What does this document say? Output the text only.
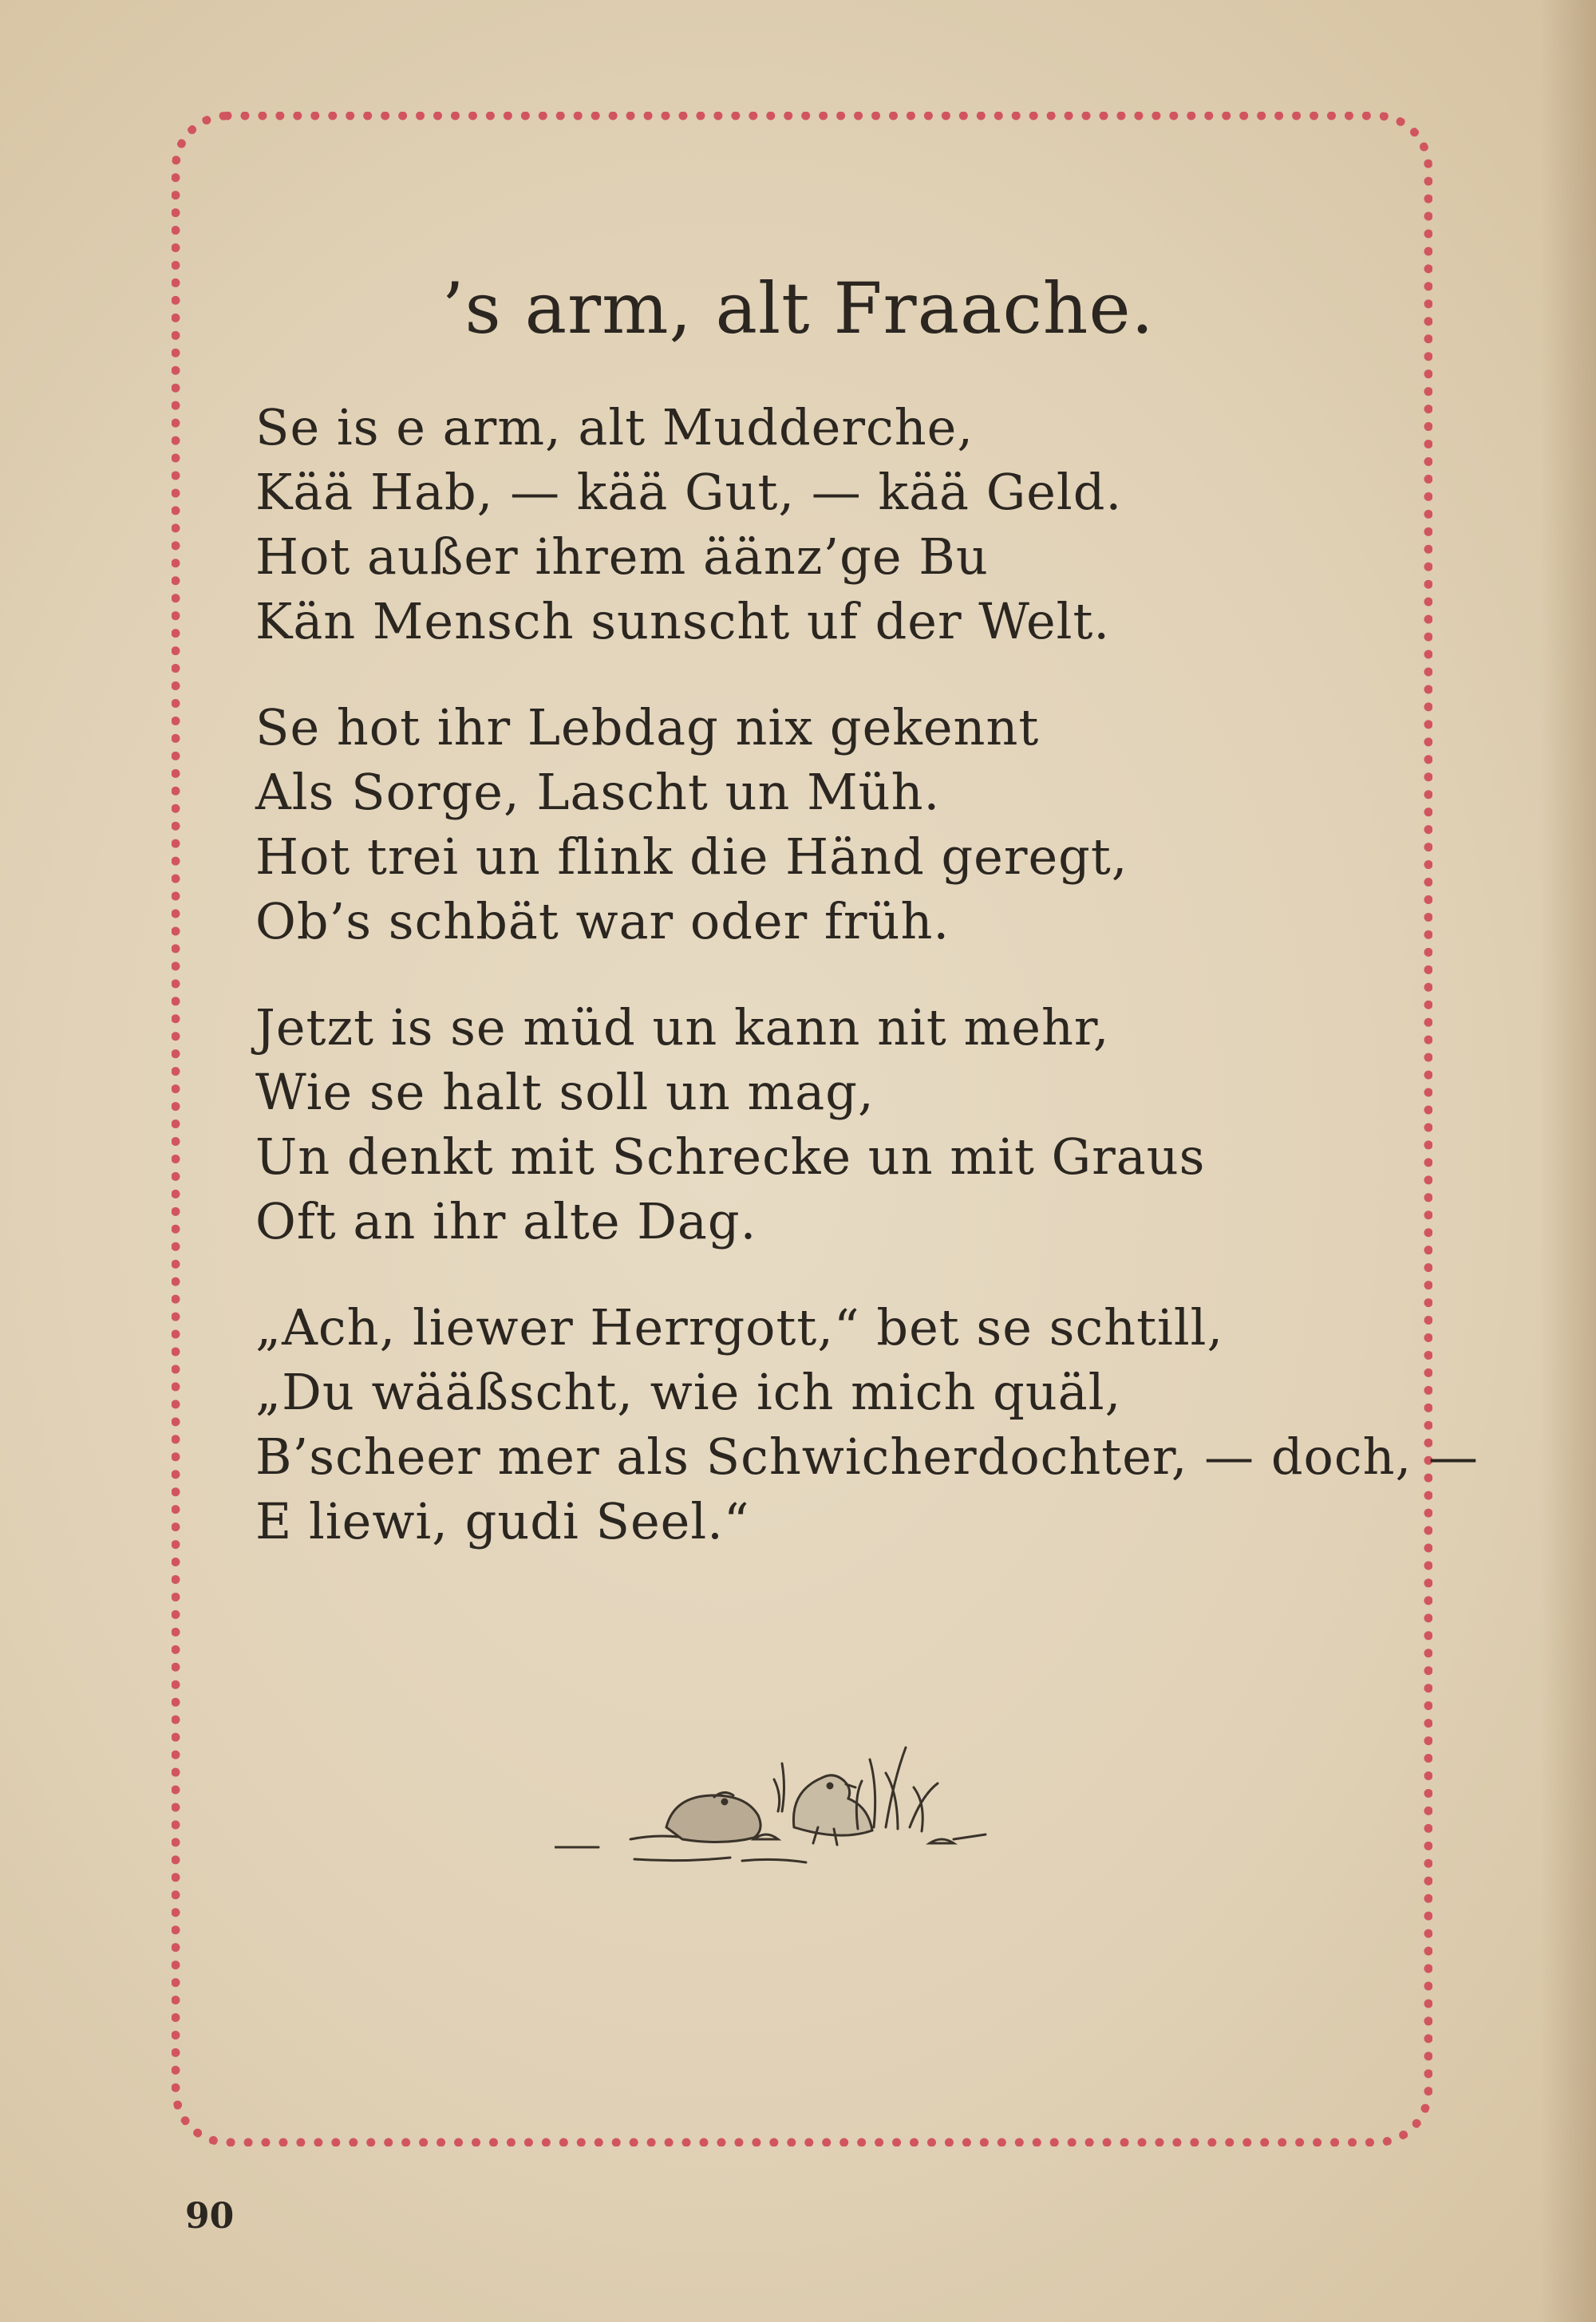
’s arm, alt Fraache.
Se is e arm, alt Mudderche,
Kää Hab, — kää Gut, — kää Geld.
Hot außer ihrem äänz’ge Bu
Kän Mensch sunscht uf der Welt.
Se hot ihr Lebdag nix gekennt
Als Sorge, Lascht un Müh.
Hot trei un flink die Händ geregt,
Ob’s schbät war oder früh.
Jetzt is se müd un kann nit mehr,
Wie se halt soll un mag,
Un denkt mit Schrecke un mit Graus
Oft an ihr alte Dag.
„Ach, liewer Herrgott,“ bet se schtill,
„Du wääßscht, wie ich mich quäl,
B’scheer mer als Schwicherdochter, — doch, —
E liewi, gudi Seel.“
90
